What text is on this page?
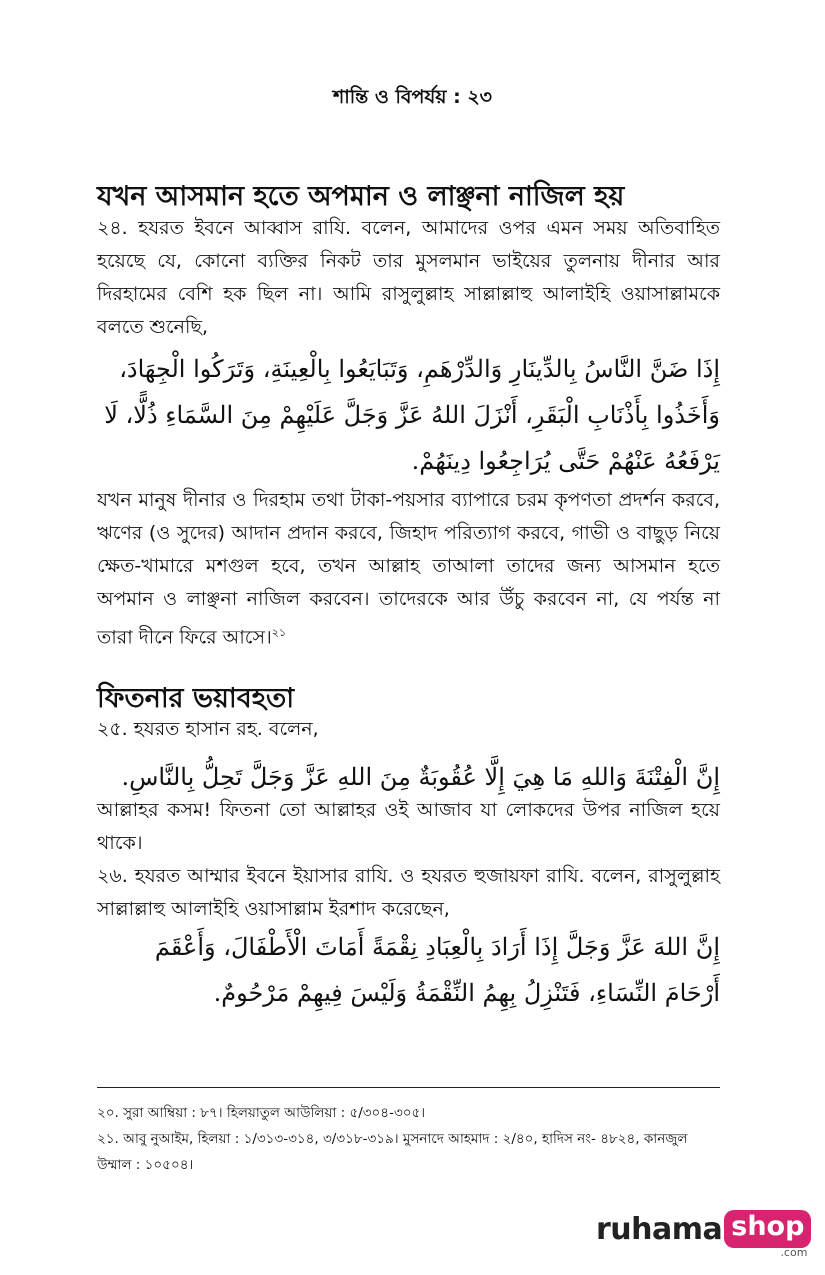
শান্তি ও বিপর্যয় : ২৩
যখন আসমান হতে অপমান ও লাঞ্ছনা নাজিল হয়
২৪. হযরত ইবনে আব্বাস রাযি. বলেন, আমাদের ওপর এমন সময় অতিবাহিত হয়েছে যে, কোনো ব্যক্তির নিকট তার মুসলমান ভাইয়ের তুলনায় দীনার আর দিরহামের বেশি হক ছিল না। আমি রাসুলুল্লাহ সাল্লাল্লাহু আলাইহি ওয়াসাল্লামকে বলতে শুনেছি,
إِذَا ضَنَّ النَّاسُ بِالدِّينَارِ وَالدِّرْهَمِ، وَتَبَايَعُوا بِالْعِينَةِ، وَتَرَكُوا الْجِهَادَ، وَأَخَذُوا بِأَذْنَابِ الْبَقَرِ، أَنْزَلَ اللهُ عَزَّ وَجَلَّ عَلَيْهِمْ مِنَ السَّمَاءِ ذُلًّا، لَا يَرْفَعُهُ عَنْهُمْ حَتَّى يُرَاجِعُوا دِينَهُمْ.
যখন মানুষ দীনার ও দিরহাম তথা টাকা-পয়সার ব্যাপারে চরম কৃপণতা প্রদর্শন করবে, ঋণের (ও সুদের) আদান প্রদান করবে, জিহাদ পরিত্যাগ করবে, গাভী ও বাছুড় নিয়ে ক্ষেত-খামারে মশগুল হবে, তখন আল্লাহ তাআলা তাদের জন্য আসমান হতে অপমান ও লাঞ্ছনা নাজিল করবেন। তাদেরকে আর উঁচু করবেন না, যে পর্যন্ত না তারা দীনে ফিরে আসে।$^{২১}$
ফিতনার ভয়াবহতা
২৫. হযরত হাসান রহ. বলেন,
إِنَّ الْفِتْنَةَ وَاللهِ مَا هِيَ إِلَّا عُقُوبَةٌ مِنَ اللهِ عَزَّ وَجَلَّ تَحِلُّ بِالنَّاسِ.
আল্লাহর কসম! ফিতনা তো আল্লাহর ওই আজাব যা লোকদের উপর নাজিল হয়ে থাকে।
২৬. হযরত আম্মার ইবনে ইয়াসার রাযি. ও হযরত হুজায়ফা রাযি. বলেন, রাসুলুল্লাহ সাল্লাল্লাহু আলাইহি ওয়াসাল্লাম ইরশাদ করেছেন,
إِنَّ اللهَ عَزَّ وَجَلَّ إِذَا أَرَادَ بِالْعِبَادِ نِقْمَةً أَمَاتَ الْأَطْفَالَ، وَأَعْقَمَ أَرْحَامَ النِّسَاءِ، فَتَنْزِلُ بِهِمُ النِّقْمَةُ وَلَيْسَ فِيهِمْ مَرْحُومٌ.
২০. সুরা আম্বিয়া : ৮৭। হিলয়াতুল আউলিয়া : ৫/৩০৪-৩০৫।
২১. আবু নুআইম, হিলয়া : ১/৩১৩-৩১৪, ৩/৩১৮-৩১৯। মুসনাদে আহমাদ : ২/৪০, হাদিস নং- ৪৮২৪, কানজুল উম্মাল : ১০৫০৪।
ruhama shop
.com
